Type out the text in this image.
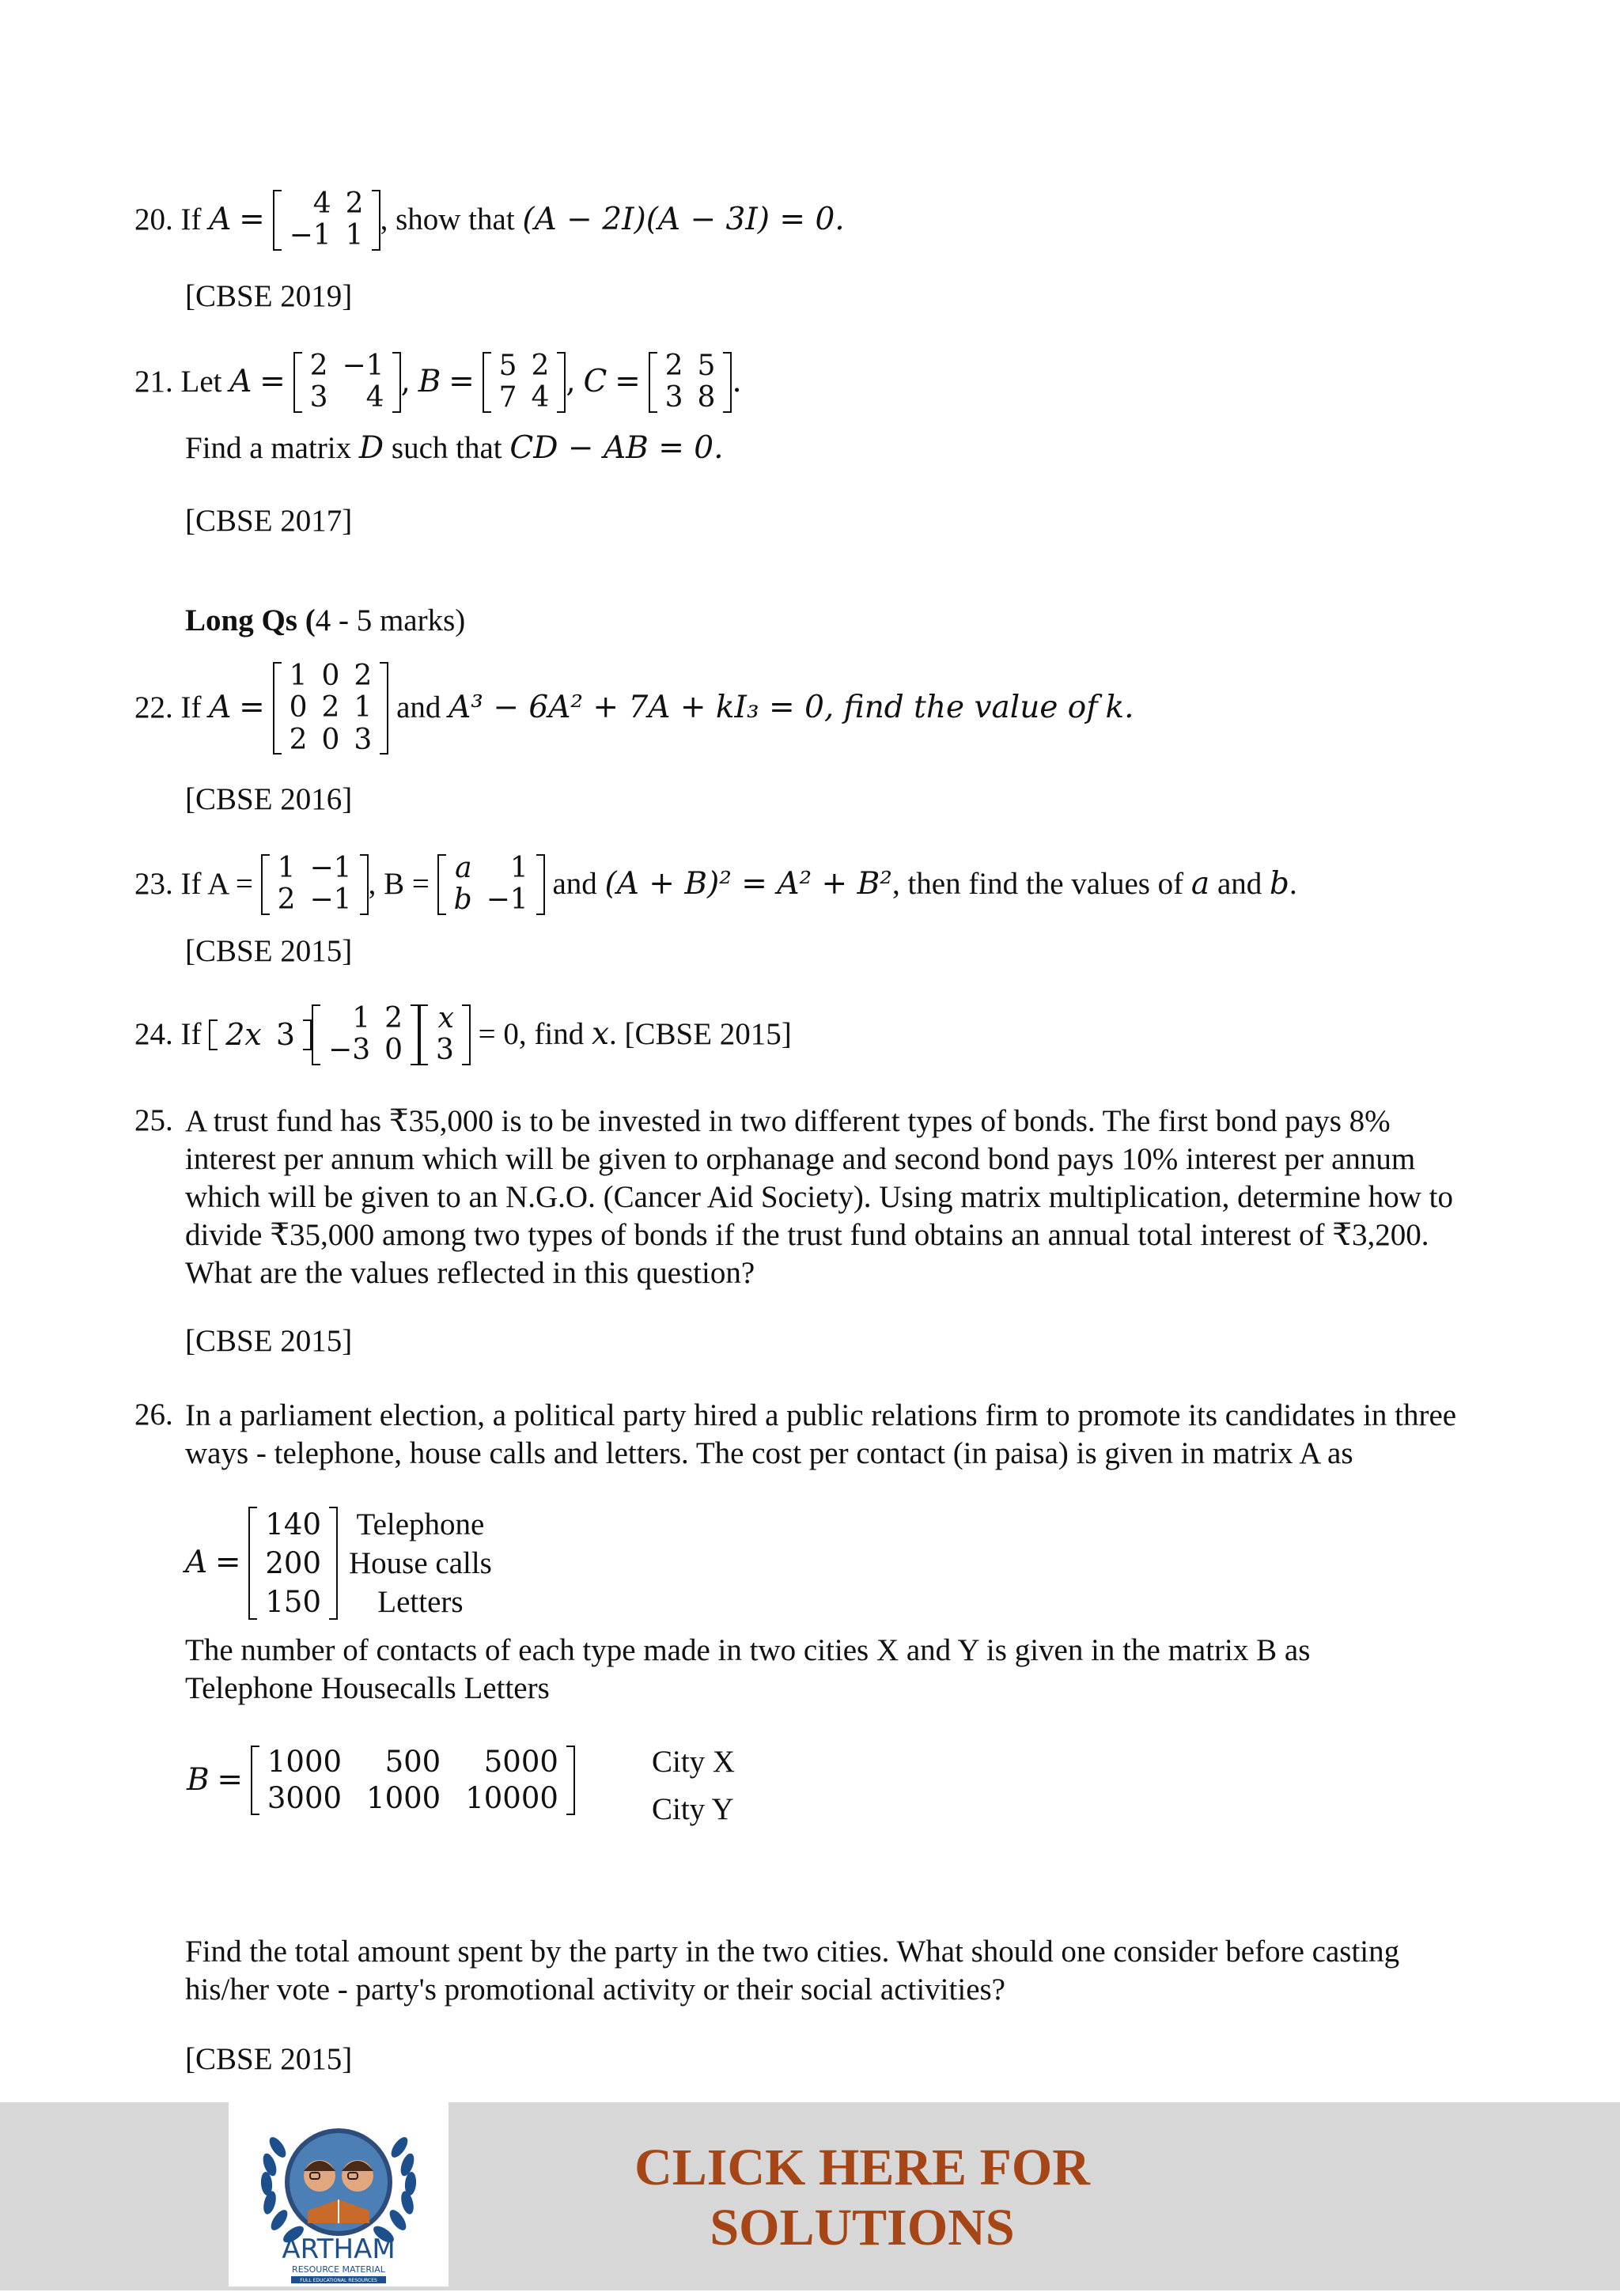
20. If
A
=
4
−1
2
1 , show that
(A − 2I)(A − 3I) = 0.
[CBSE 2019]
21. Let
A
=
2
3
−1
4 ,
B
=
5
7
2
4 ,
C
=
2
3
5
8 .
Find a matrix D such that CD − AB = 0.
[CBSE 2017]
Long Qs (4 - 5 marks)
22. If
A
=

1
0
2
0
2
0
2
1
3

and
A³ − 6A² + 7A + kI₃ = 0, find the value of
k.
[CBSE 2016]
23. If A =
1
2
−1
−1 , B =
a
b
1
−1
and
(A + B)² = A² + B² , then find the values of
a
and
b .
[CBSE 2015]
24. If
2x 3 1
−3
2
0
x
3
= 0, find
x . [CBSE 2015]
25. A trust fund has ₹35,000 is to be invested in two different types of bonds. The first bond pays 8% interest per annum which will be given to orphanage and second bond pays 10% interest per annum which will be given to an N.G.O. (Cancer Aid Society). Using matrix multiplication, determine how to divide ₹35,000 among two types of bonds if the trust fund obtains an annual total interest of ₹3,200. What are the values reflected in this question?
[CBSE 2015]
26. In a parliament election, a political party hired a public relations firm to promote its candidates in three ways - telephone, house calls and letters. The cost per contact (in paisa) is given in matrix A as
A
=

140
200
150
Telephone
House calls
Letters
The number of contacts of each type made in two cities X and Y is given in the matrix B as
Telephone Housecalls Letters
B
=

1000
3000
500
1000
5000
10000
City X
City Y
Find the total amount spent by the party in the two cities. What should one consider before casting his/her vote - party's promotional activity or their social activities?
[CBSE 2015]
ARTHAM
RESOURCE MATERIAL
FULL EDUCATIONAL RESOURCES
CLICK HERE FOR
SOLUTIONS
